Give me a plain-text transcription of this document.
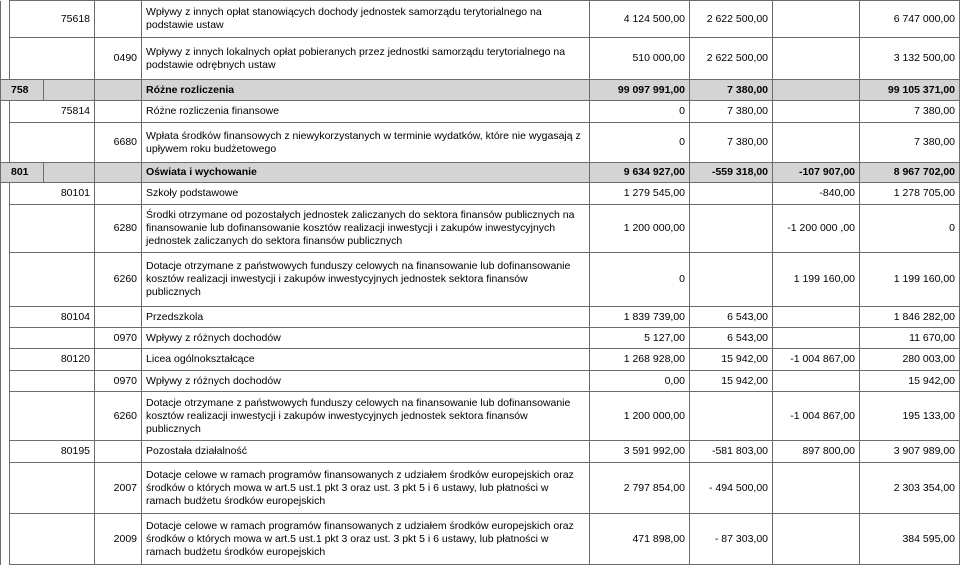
	75618			Wpływy z innych opłat stanowiących dochody jednostek samorządu terytorialnego na podstawie ustaw	4 124 500,00	2 622 500,00		6 747 000,00
			0490	Wpływy z innych lokalnych opłat pobieranych przez jednostki samorządu terytorialnego na podstawie odrębnych ustaw	510 000,00	2 622 500,00		3 132 500,00
758				Różne rozliczenia	99 097 991,00	7 380,00		99 105 371,00
	75814			Różne rozliczenia finansowe	0	7 380,00		7 380,00
			6680	Wpłata środków finansowych z niewykorzystanych w terminie wydatków, które nie wygasają z upływem roku budżetowego	0	7 380,00		7 380,00
801				Oświata i wychowanie	9 634 927,00	-559 318,00	-107 907,00	8 967 702,00
	80101			Szkoły podstawowe	1 279 545,00		-840,00	1 278 705,00
			6280	Środki otrzymane od pozostałych jednostek zaliczanych do sektora finansów publicznych na finansowanie lub dofinansowanie kosztów realizacji inwestycji i zakupów inwestycyjnych jednostek zaliczanych do sektora finansów publicznych	1 200 000,00		-1 200 000 ,00	0
			6260	Dotacje otrzymane z państwowych funduszy celowych na finansowanie lub dofinansowanie kosztów realizacji inwestycji i zakupów inwestycyjnych jednostek sektora finansów publicznych	0		1 199 160,00	1 199 160,00
	80104			Przedszkola	1 839 739,00	6 543,00		1 846 282,00
			0970	Wpływy z różnych dochodów	5 127,00	6 543,00		11 670,00
	80120			Licea ogólnokształcące	1 268 928,00	15 942,00	-1 004 867,00	280 003,00
			0970	Wpływy z różnych dochodów	0,00	15 942,00		15 942,00
			6260	Dotacje otrzymane z państwowych funduszy celowych na finansowanie lub dofinansowanie kosztów realizacji inwestycji i zakupów inwestycyjnych jednostek sektora finansów publicznych	1 200 000,00		-1 004 867,00	195 133,00
	80195			Pozostała działalność	3 591 992,00	-581 803,00	897 800,00	3 907 989,00
			2007	Dotacje celowe w ramach programów finansowanych z udziałem środków europejskich oraz środków o których mowa w art.5 ust.1 pkt 3 oraz ust. 3 pkt 5 i 6 ustawy, lub płatności w ramach budżetu środków europejskich	2 797 854,00	- 494 500,00		2 303 354,00
			2009	Dotacje celowe w ramach programów finansowanych z udziałem środków europejskich oraz środków o których mowa w art.5 ust.1 pkt 3 oraz ust. 3 pkt 5 i 6 ustawy, lub płatności w ramach budżetu środków europejskich	471 898,00	- 87 303,00		384 595,00
